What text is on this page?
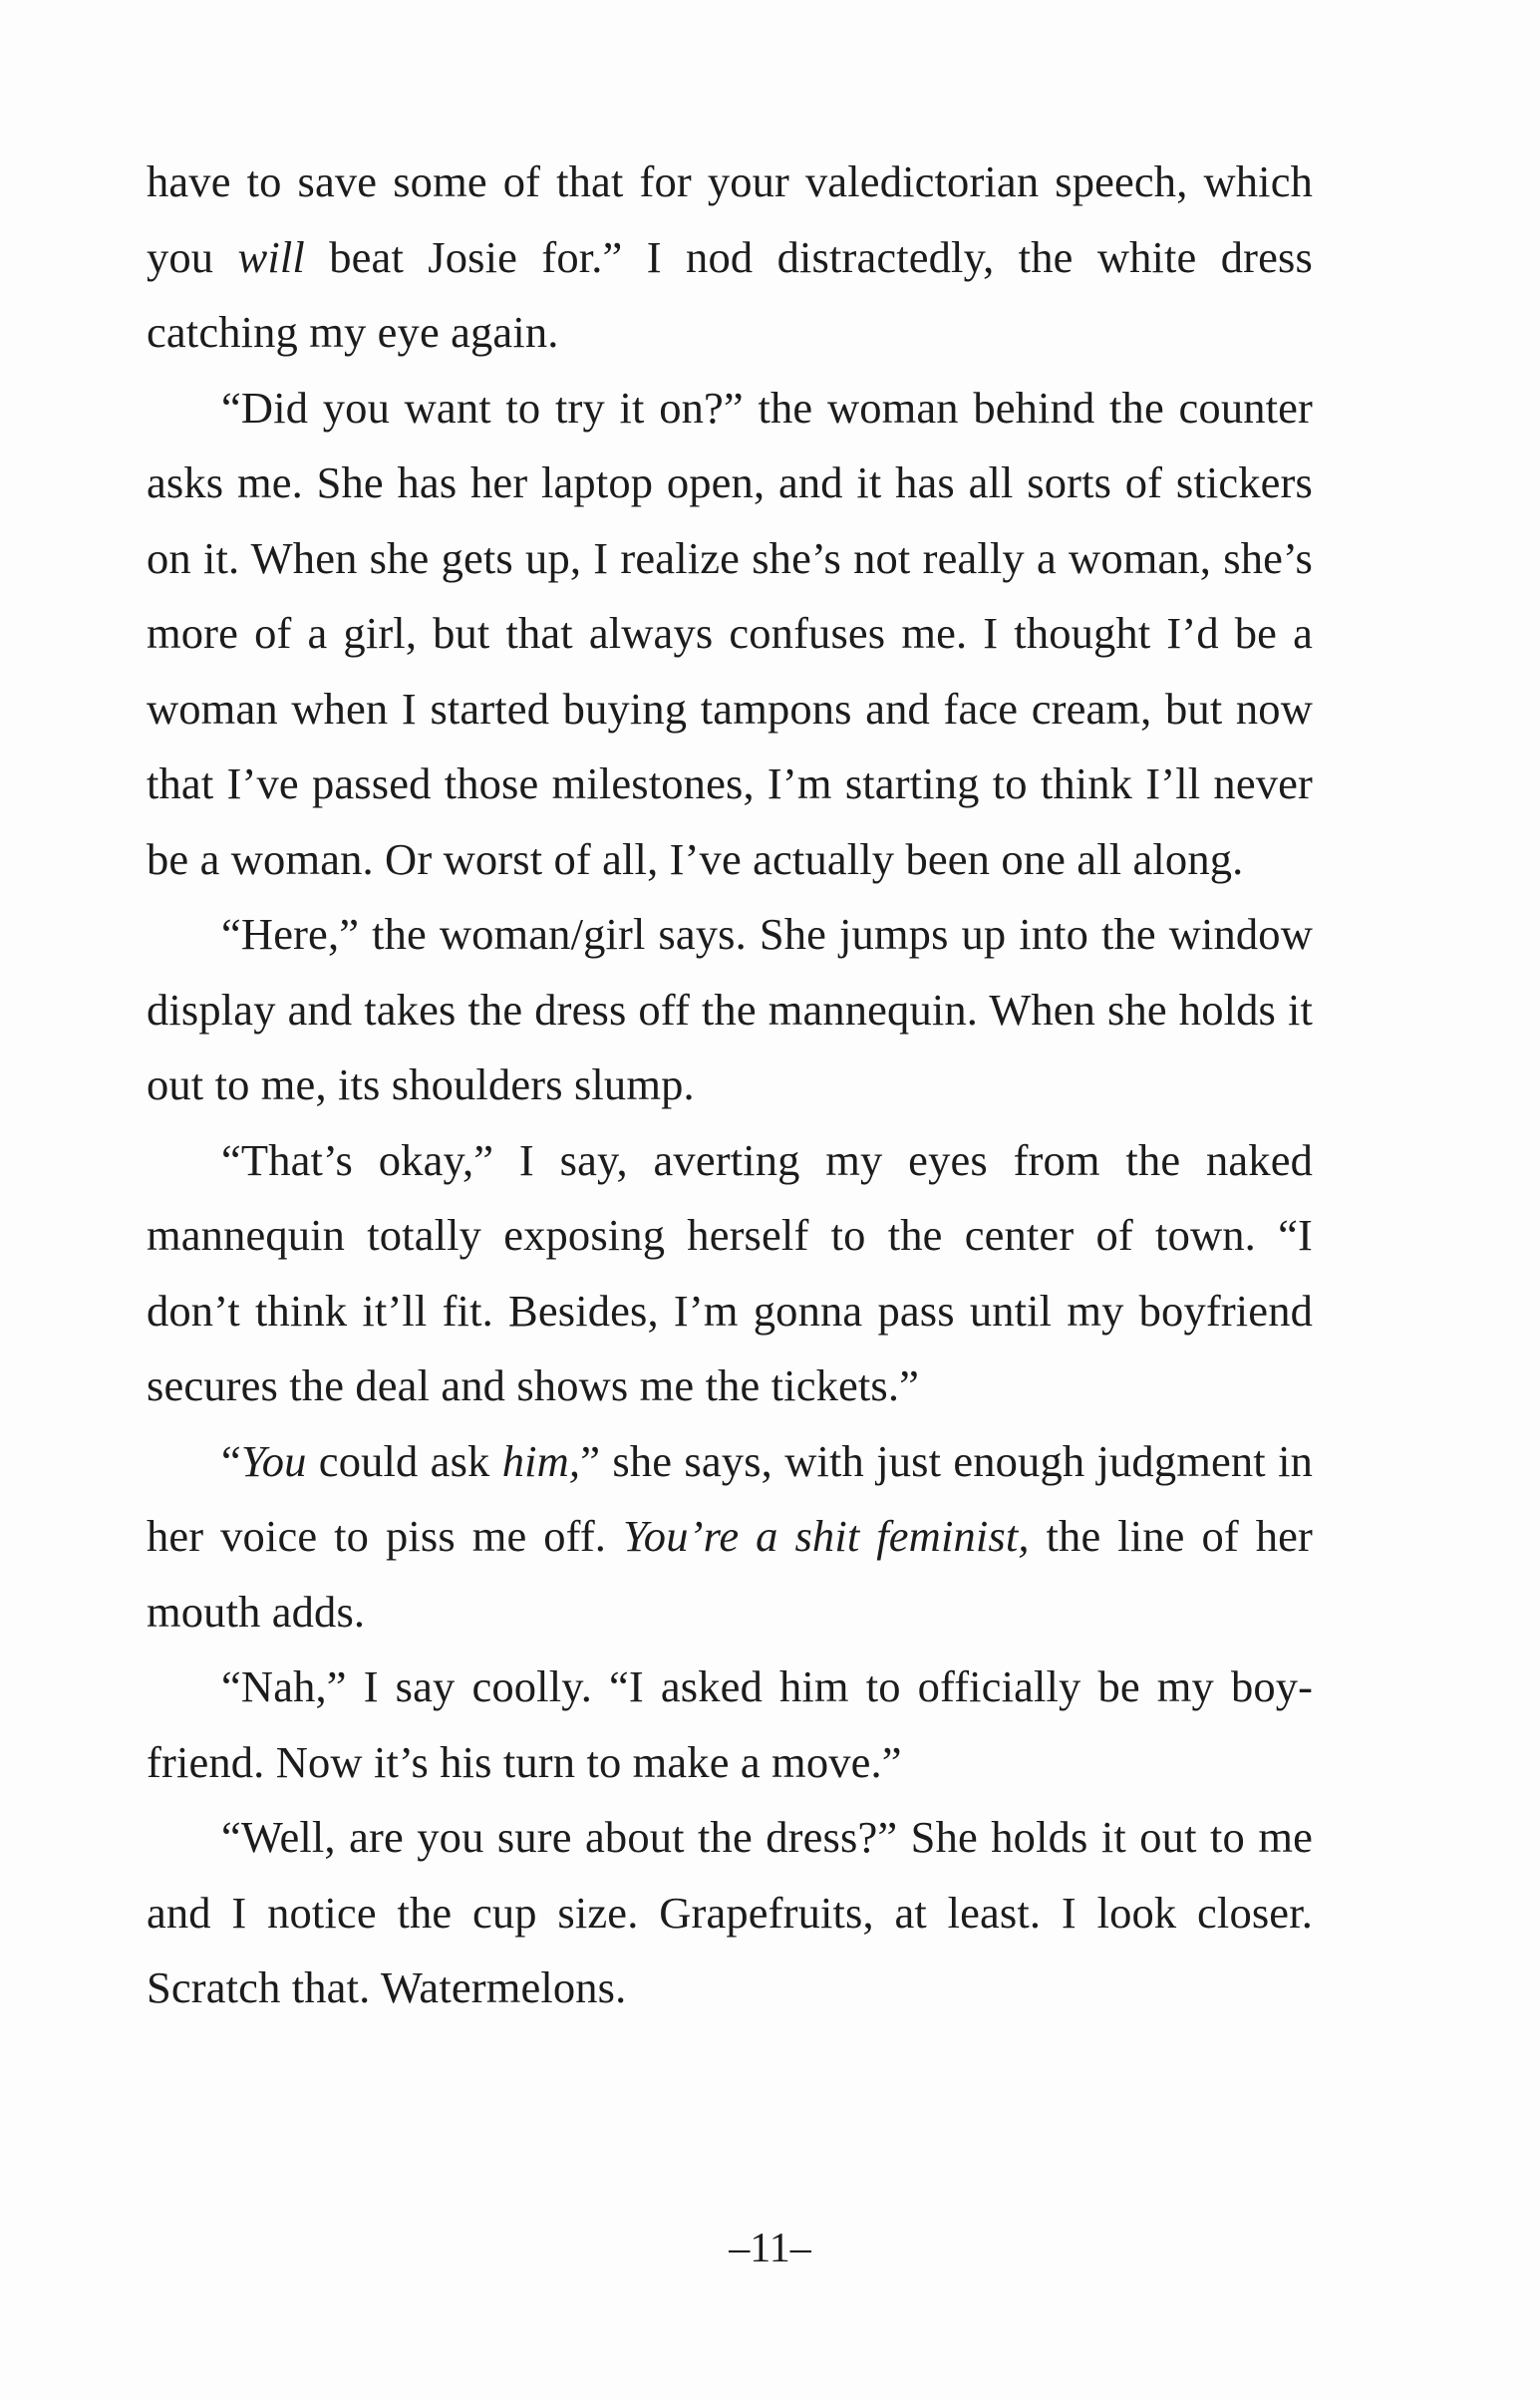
have to save some of that for your valedictorian speech, which you will beat Josie for.” I nod distractedly, the white dress catching my eye again.

“Did you want to try it on?” the woman behind the counter asks me. She has her laptop open, and it has all sorts of stickers on it. When she gets up, I realize she’s not really a woman, she’s more of a girl, but that always confuses me. I thought I’d be a woman when I started buying tampons and face cream, but now that I’ve passed those milestones, I’m starting to think I’ll never be a woman. Or worst of all, I’ve actually been one all along.

“Here,” the woman/girl says. She jumps up into the window display and takes the dress off the mannequin. When she holds it out to me, its shoulders slump.

“That’s okay,” I say, averting my eyes from the naked mannequin totally exposing herself to the center of town. “I don’t think it’ll fit. Besides, I’m gonna pass until my boyfriend secures the deal and shows me the tickets.”

“You could ask him,” she says, with just enough judgment in her voice to piss me off. You’re a shit feminist, the line of her mouth adds.

“Nah,” I say coolly. “I asked him to officially be my boyfriend. Now it’s his turn to make a move.”

“Well, are you sure about the dress?” She holds it out to me and I notice the cup size. Grapefruits, at least. I look closer. Scratch that. Watermelons.

–11–
